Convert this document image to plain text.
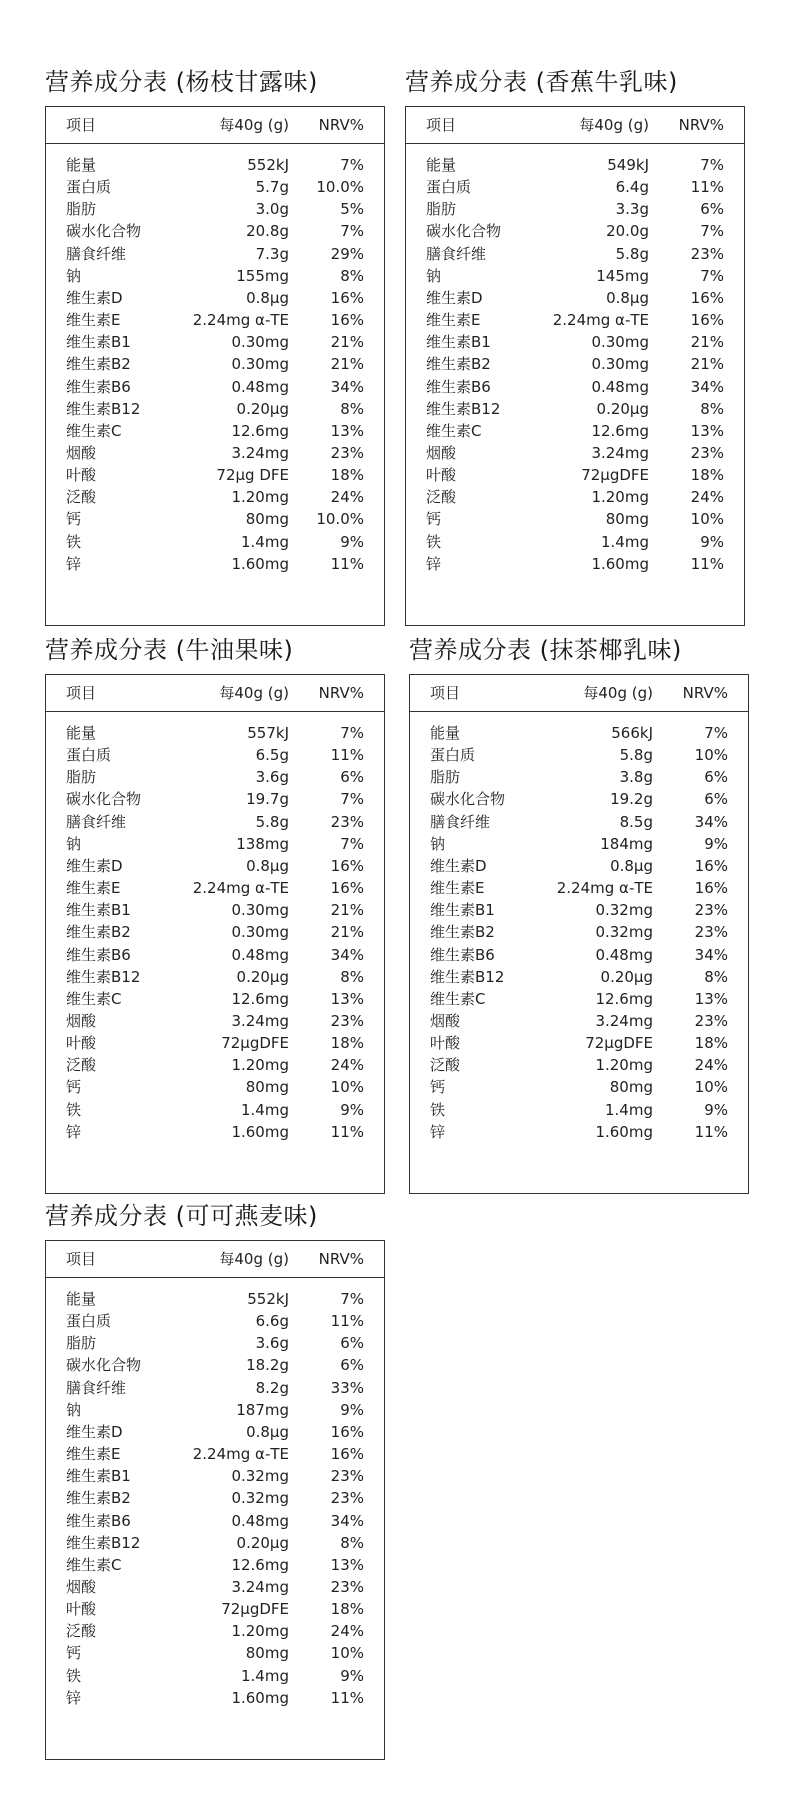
营养成分表 (杨枝甘露味)
项目	每40g (g) NRV%
能量	552kJ	7%
蛋白质	5.7g 10.0%
脂肪	3.0g	5%
碳水化合物	20.8g	7%
膳食纤维	7.3g	29%
钠	155mg	8%
维生素D	0.8μg	16%
维生素E	2.24mg α-TE	16%
维生素B1	0.30mg	21%
维生素B2	0.30mg	21%
维生素B6	0.48mg	34%
维生素B12	0.20μg	8%
维生素C	12.6mg	13%
烟酸	3.24mg	23%
叶酸	72μg DFE	18%
泛酸	1.20mg	24%
钙	80mg 10.0%
铁	1.4mg	9%
锌	1.60mg	11%
营养成分表 (香蕉牛乳味)
项目	每40g (g) NRV%
能量	549kJ	7%
蛋白质	6.4g	11%
脂肪	3.3g	6%
碳水化合物	20.0g	7%
膳食纤维	5.8g	23%
钠	145mg	7%
维生素D	0.8μg	16%
维生素E	2.24mg α-TE	16%
维生素B1	0.30mg	21%
维生素B2	0.30mg	21%
维生素B6	0.48mg	34%
维生素B12	0.20μg	8%
维生素C	12.6mg	13%
烟酸	3.24mg	23%
叶酸	72μgDFE	18%
泛酸	1.20mg	24%
钙	80mg	10%
铁	1.4mg	9%
锌	1.60mg	11%
营养成分表 (牛油果味)
项目	每40g (g) NRV%
能量	557kJ	7%
蛋白质	6.5g	11%
脂肪	3.6g	6%
碳水化合物	19.7g	7%
膳食纤维	5.8g	23%
钠	138mg	7%
维生素D	0.8μg	16%
维生素E	2.24mg α-TE	16%
维生素B1	0.30mg	21%
维生素B2	0.30mg	21%
维生素B6	0.48mg	34%
维生素B12	0.20μg	8%
维生素C	12.6mg	13%
烟酸	3.24mg	23%
叶酸	72μgDFE	18%
泛酸	1.20mg	24%
钙	80mg	10%
铁	1.4mg	9%
锌	1.60mg	11%
营养成分表 (抹茶椰乳味)
项目	每40g (g) NRV%
能量	566kJ	7%
蛋白质	5.8g	10%
脂肪	3.8g	6%
碳水化合物	19.2g	6%
膳食纤维	8.5g	34%
钠	184mg	9%
维生素D	0.8μg	16%
维生素E	2.24mg α-TE	16%
维生素B1	0.32mg	23%
维生素B2	0.32mg	23%
维生素B6	0.48mg	34%
维生素B12	0.20μg	8%
维生素C	12.6mg	13%
烟酸	3.24mg	23%
叶酸	72μgDFE	18%
泛酸	1.20mg	24%
钙	80mg	10%
铁	1.4mg	9%
锌	1.60mg	11%
营养成分表 (可可燕麦味)
项目	每40g (g) NRV%
能量	552kJ	7%
蛋白质	6.6g	11%
脂肪	3.6g	6%
碳水化合物	18.2g	6%
膳食纤维	8.2g	33%
钠	187mg	9%
维生素D	0.8μg	16%
维生素E	2.24mg α-TE	16%
维生素B1	0.32mg	23%
维生素B2	0.32mg	23%
维生素B6	0.48mg	34%
维生素B12	0.20μg	8%
维生素C	12.6mg	13%
烟酸	3.24mg	23%
叶酸	72μgDFE	18%
泛酸	1.20mg	24%
钙	80mg	10%
铁	1.4mg	9%
锌	1.60mg	11%
